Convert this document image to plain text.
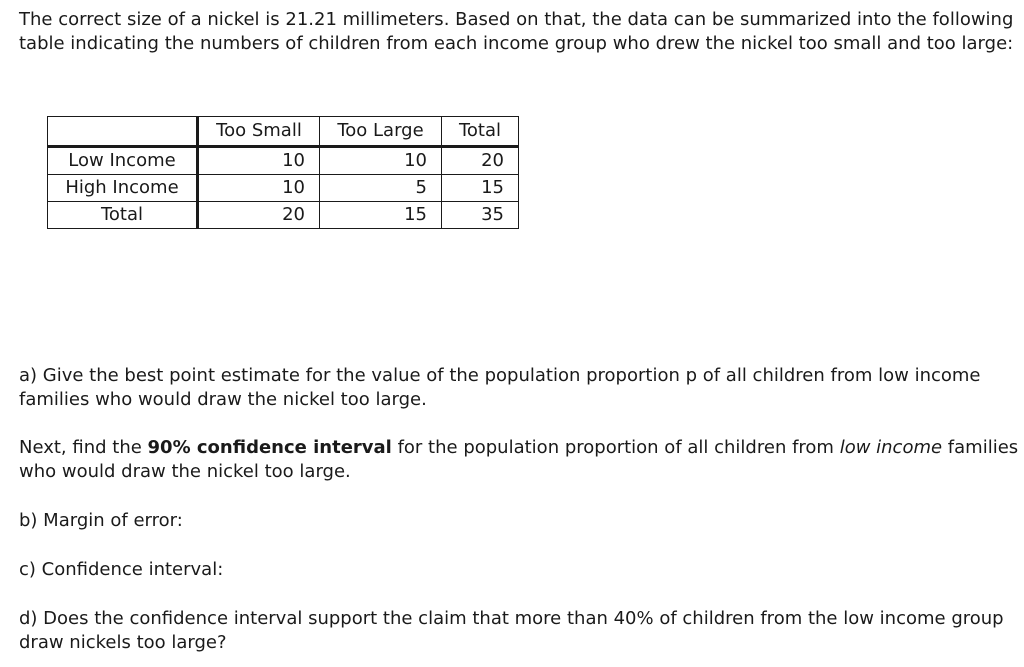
The correct size of a nickel is 21.21 millimeters. Based on that, the data can be summarized into the following table indicating the numbers of children from each income group who drew the nickel too small and too large:

	Too Small	Too Large	Total
Low Income	10	10	20
High Income	10	5	15
Total	20	15	35

a) Give the best point estimate for the value of the population proportion p of all children from low income families who would draw the nickel too large.

Next, find the 90% confidence interval for the population proportion of all children from low income families who would draw the nickel too large.

b) Margin of error:

c) Confidence interval:

d) Does the confidence interval support the claim that more than 40% of children from the low income group draw nickels too large?
